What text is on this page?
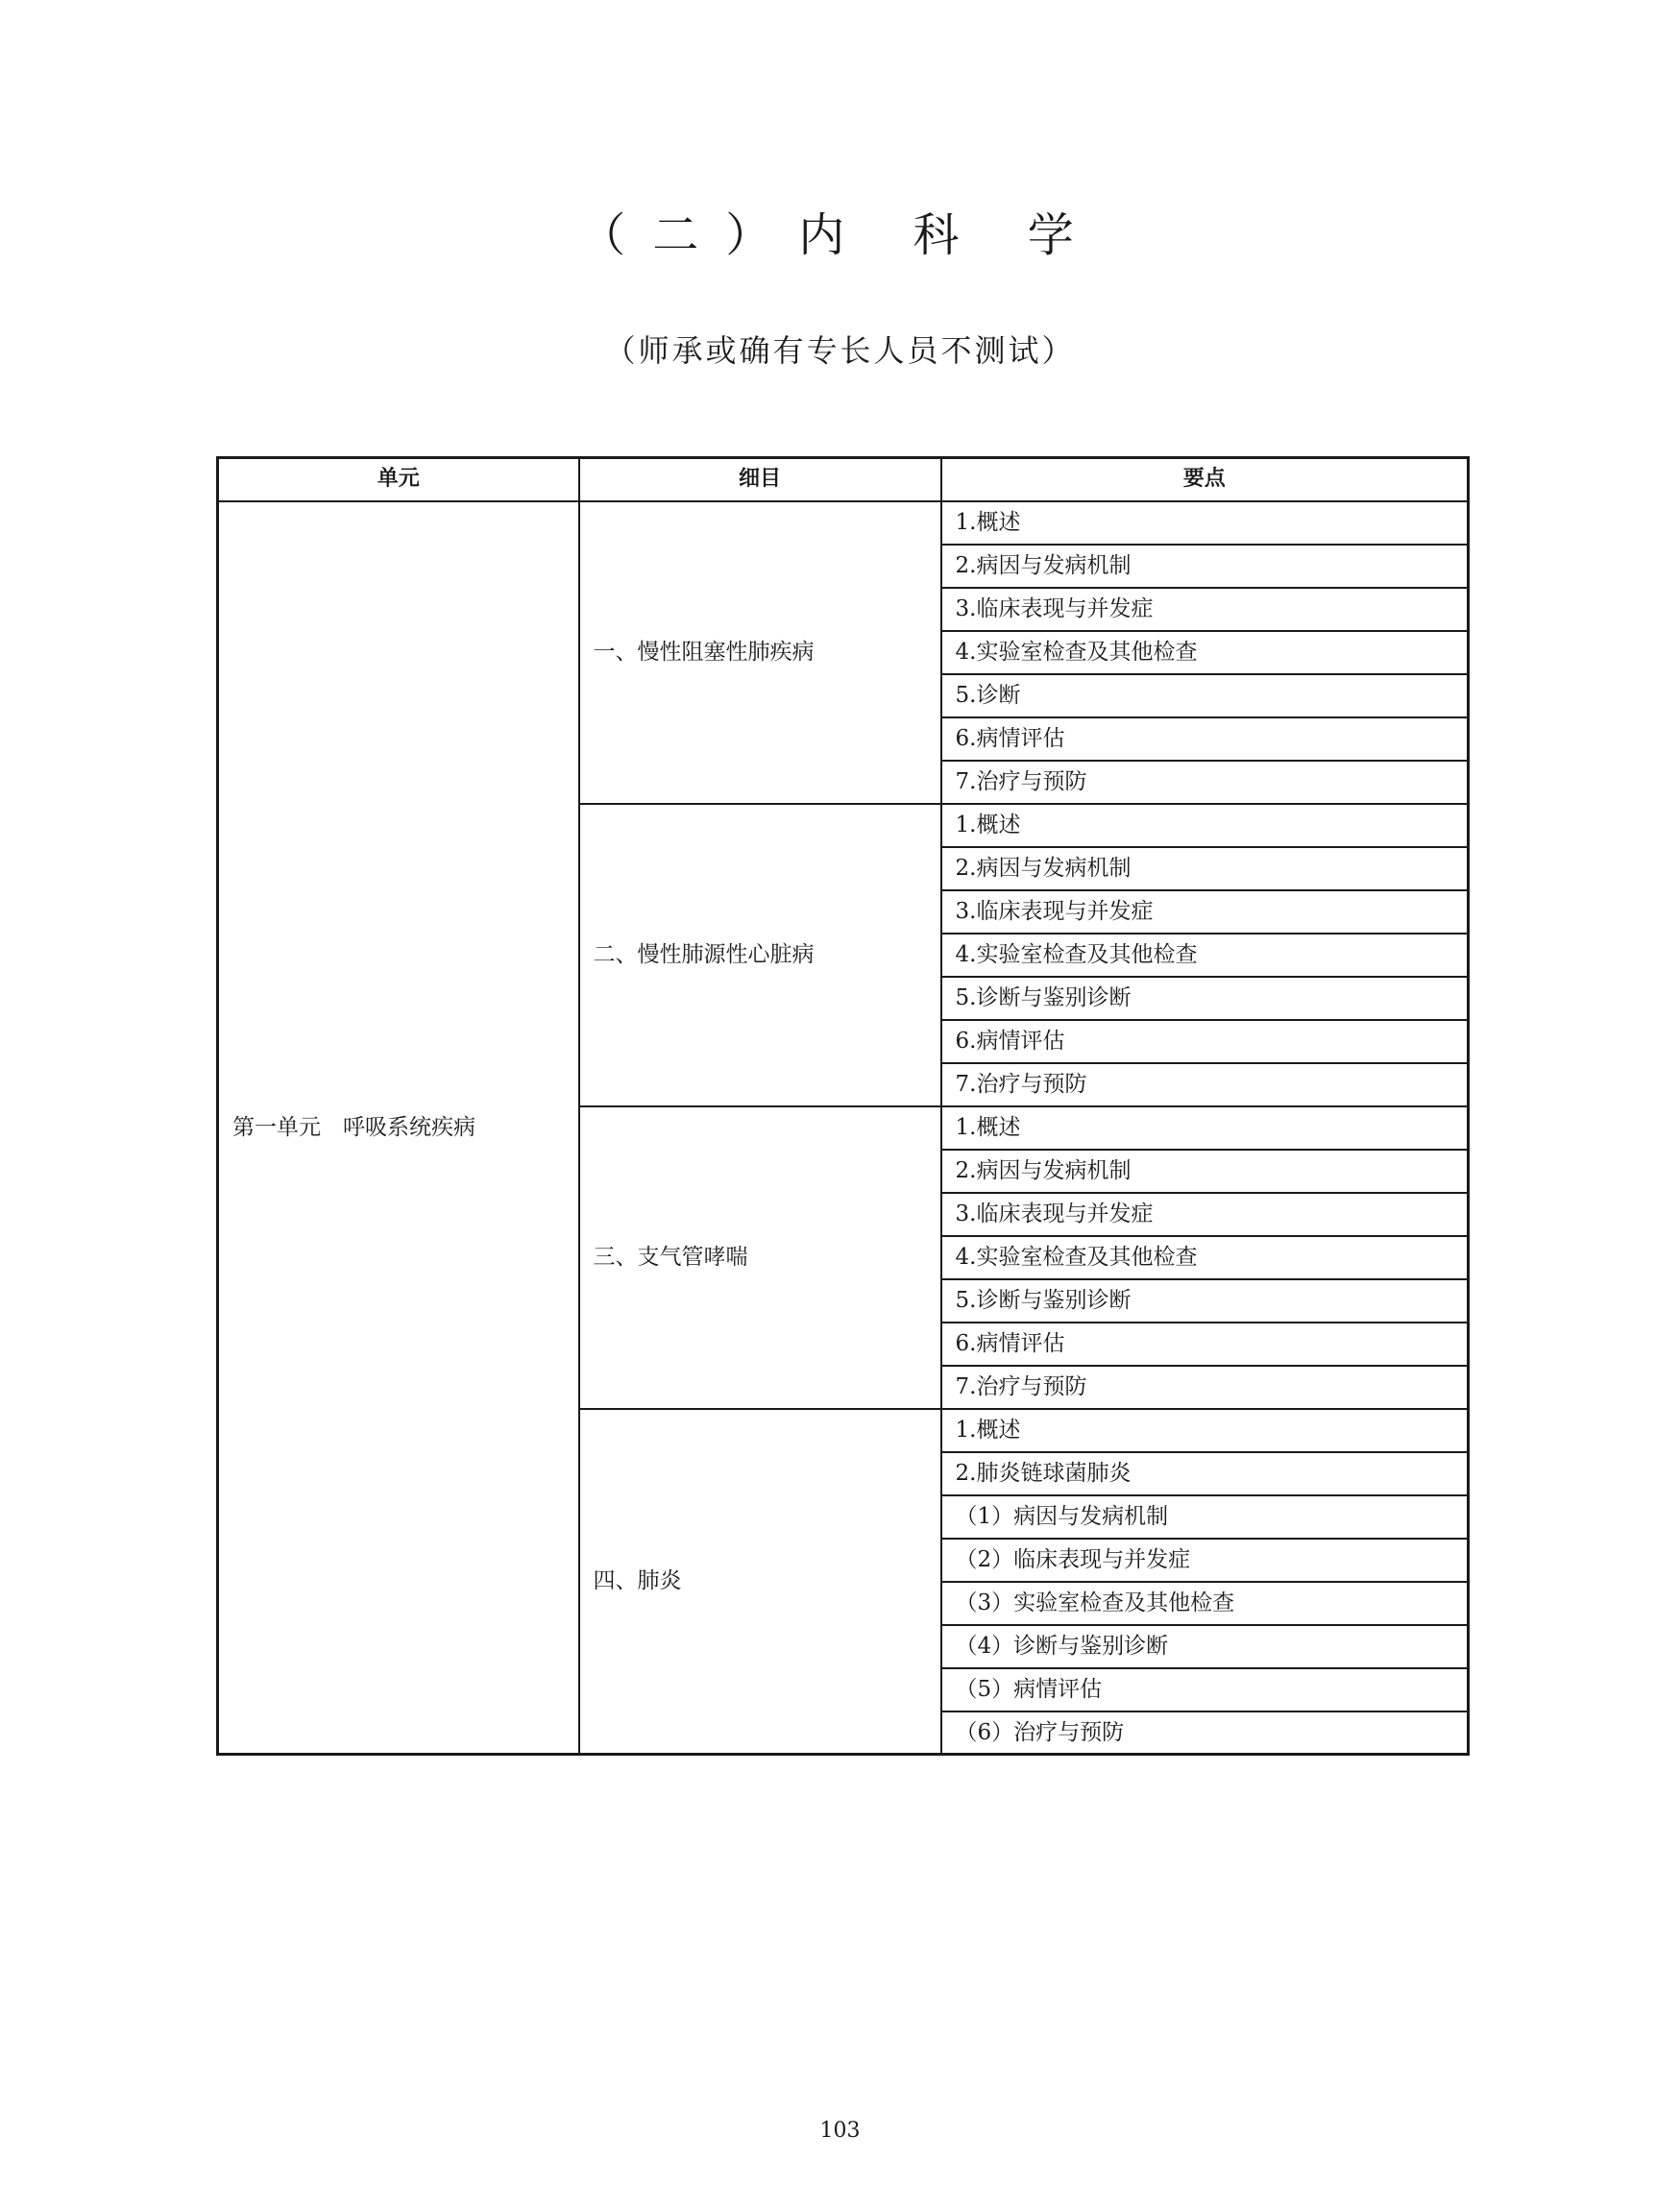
（二）内 科 学
（师承或确有专长人员不测试）
单元	细目	要点
第一单元　呼吸系统疾病	一、慢性阻塞性肺疾病	1.概述
		2.病因与发病机制
		3.临床表现与并发症
		4.实验室检查及其他检查
		5.诊断
		6.病情评估
		7.治疗与预防
	二、慢性肺源性心脏病	1.概述
		2.病因与发病机制
		3.临床表现与并发症
		4.实验室检查及其他检查
		5.诊断与鉴别诊断
		6.病情评估
		7.治疗与预防
	三、支气管哮喘	1.概述
		2.病因与发病机制
		3.临床表现与并发症
		4.实验室检查及其他检查
		5.诊断与鉴别诊断
		6.病情评估
		7.治疗与预防
	四、肺炎	1.概述
		2.肺炎链球菌肺炎
		（1）病因与发病机制
		（2）临床表现与并发症
		（3）实验室检查及其他检查
		（4）诊断与鉴别诊断
		（5）病情评估
		（6）治疗与预防
103
